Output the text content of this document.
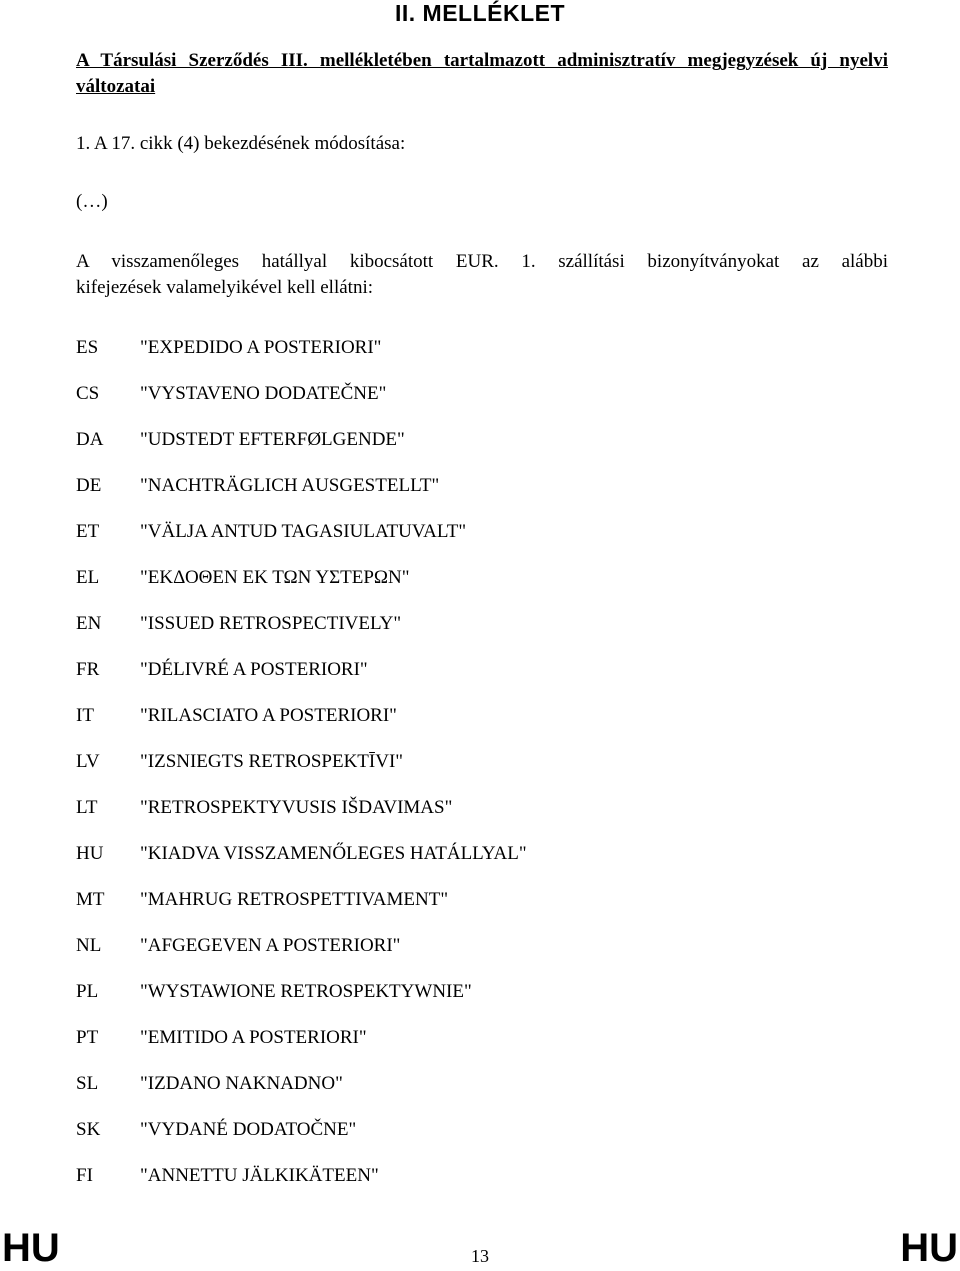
II. MELLÉKLET
A Társulási Szerződés III. mellékletében tartalmazott adminisztratív megjegyzések új nyelvi változatai
1. A 17. cikk (4) bekezdésének módosítása:
(…)
A visszamenőleges hatállyal kibocsátott EUR. 1. szállítási bizonyítványokat az alábbi
kifejezések valamelyikével kell ellátni:
ES "EXPEDIDO A POSTERIORI"
CS "VYSTAVENO DODATEČNE"
DA "UDSTEDT EFTERFØLGENDE"
DE "NACHTRÄGLICH AUSGESTELLT"
ET "VÄLJA ANTUD TAGASIULATUVALT"
EL "ΕΚΔΟΘΕΝ ΕΚ ΤΩΝ ΥΣΤΕΡΩΝ"
EN "ISSUED RETROSPECTIVELY"
FR "DÉLIVRÉ A POSTERIORI"
IT "RILASCIATO A POSTERIORI"
LV "IZSNIEGTS RETROSPEKTĪVI"
LT "RETROSPEKTYVUSIS IŠDAVIMAS"
HU "KIADVA VISSZAMENŐLEGES HATÁLLYAL"
MT "MAHRUG RETROSPETTIVAMENT"
NL "AFGEGEVEN A POSTERIORI"
PL "WYSTAWIONE RETROSPEKTYWNIE"
PT "EMITIDO A POSTERIORI"
SL "IZDANO NAKNADNO"
SK "VYDANÉ DODATOČNE"
FI "ANNETTU JÄLKIKÄTEEN"
HU	13	HU
